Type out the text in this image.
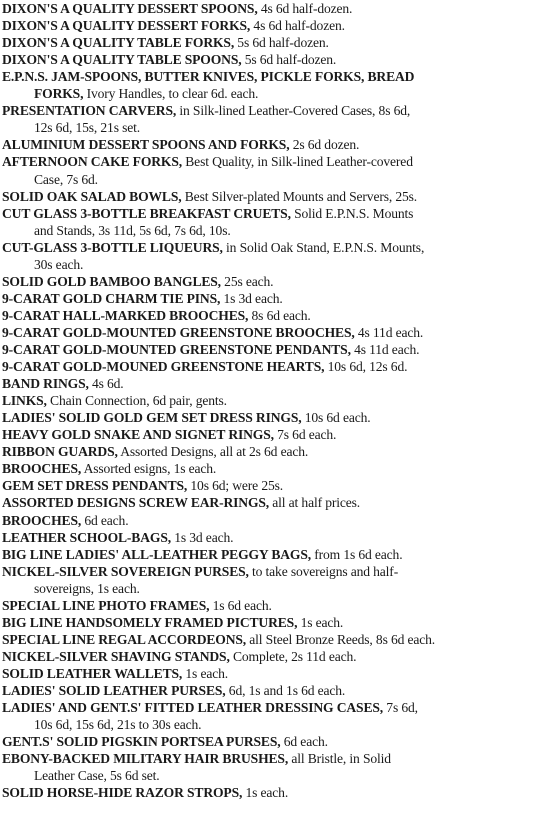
DIXON'S A QUALITY DESSERT SPOONS, 4s 6d half-dozen.
DIXON'S A QUALITY DESSERT FORKS, 4s 6d half-dozen.
DIXON'S A QUALITY TABLE FORKS, 5s 6d half-dozen.
DIXON'S A QUALITY TABLE SPOONS, 5s 6d half-dozen.
E.P.N.S. JAM-SPOONS, BUTTER KNIVES, PICKLE FORKS, BREAD
FORKS, Ivory Handles, to clear 6d. each.
PRESENTATION CARVERS, in Silk-lined Leather-Covered Cases, 8s 6d,
12s 6d, 15s, 21s set.
ALUMINIUM DESSERT SPOONS AND FORKS, 2s 6d dozen.
AFTERNOON CAKE FORKS, Best Quality, in Silk-lined Leather-covered
Case, 7s 6d.
SOLID OAK SALAD BOWLS, Best Silver-plated Mounts and Servers, 25s.
CUT GLASS 3-BOTTLE BREAKFAST CRUETS, Solid E.P.N.S. Mounts
and Stands, 3s 11d, 5s 6d, 7s 6d, 10s.
CUT-GLASS 3-BOTTLE LIQUEURS, in Solid Oak Stand, E.P.N.S. Mounts,
30s each.
SOLID GOLD BAMBOO BANGLES, 25s each.
9-CARAT GOLD CHARM TIE PINS, 1s 3d each.
9-CARAT HALL-MARKED BROOCHES, 8s 6d each.
9-CARAT GOLD-MOUNTED GREENSTONE BROOCHES, 4s 11d each.
9-CARAT GOLD-MOUNTED GREENSTONE PENDANTS, 4s 11d each.
9-CARAT GOLD-MOUNED GREENSTONE HEARTS, 10s 6d, 12s 6d.
BAND RINGS, 4s 6d.
LINKS, Chain Connection, 6d pair, gents.
LADIES' SOLID GOLD GEM SET DRESS RINGS, 10s 6d each.
HEAVY GOLD SNAKE AND SIGNET RINGS, 7s 6d each.
RIBBON GUARDS, Assorted Designs, all at 2s 6d each.
BROOCHES, Assorted esigns, 1s each.
GEM SET DRESS PENDANTS, 10s 6d; were 25s.
ASSORTED DESIGNS SCREW EAR-RINGS, all at half prices.
BROOCHES, 6d each.
LEATHER SCHOOL-BAGS, 1s 3d each.
BIG LINE LADIES' ALL-LEATHER PEGGY BAGS, from 1s 6d each.
NICKEL-SILVER SOVEREIGN PURSES, to take sovereigns and half-
sovereigns, 1s each.
SPECIAL LINE PHOTO FRAMES, 1s 6d each.
BIG LINE HANDSOMELY FRAMED PICTURES, 1s each.
SPECIAL LINE REGAL ACCORDEONS, all Steel Bronze Reeds, 8s 6d each.
NICKEL-SILVER SHAVING STANDS, Complete, 2s 11d each.
SOLID LEATHER WALLETS, 1s each.
LADIES' SOLID LEATHER PURSES, 6d, 1s and 1s 6d each.
LADIES' AND GENT.S' FITTED LEATHER DRESSING CASES, 7s 6d,
10s 6d, 15s 6d, 21s to 30s each.
GENT.S' SOLID PIGSKIN PORTSEA PURSES, 6d each.
EBONY-BACKED MILITARY HAIR BRUSHES, all Bristle, in Solid
Leather Case, 5s 6d set.
SOLID HORSE-HIDE RAZOR STROPS, 1s each.
